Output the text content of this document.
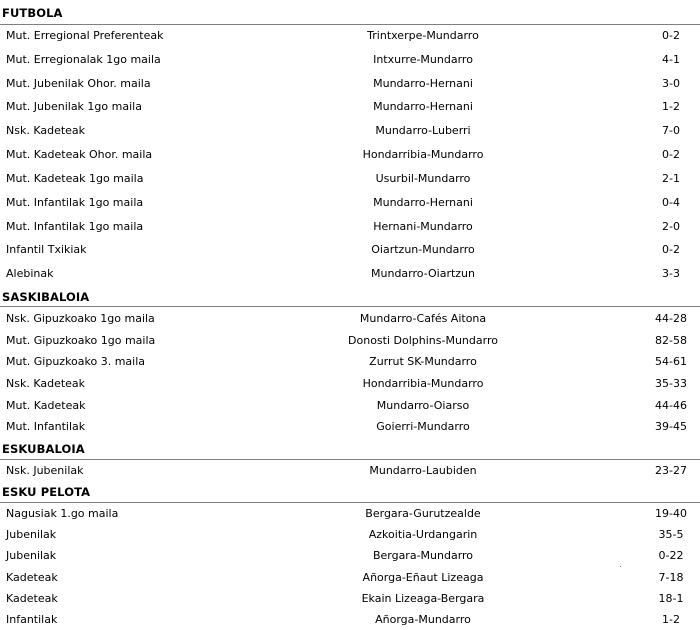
FUTBOLA
Mut. Erregional Preferenteak	Trintxerpe-Mundarro	0-2
Mut. Erregionalak 1go maila	Intxurre-Mundarro	4-1
Mut. Jubenilak Ohor. maila	Mundarro-Hernani	3-0
Mut. Jubenilak 1go maila	Mundarro-Hernani	1-2
Nsk. Kadeteak	Mundarro-Luberri	7-0
Mut. Kadeteak Ohor. maila	Hondarribia-Mundarro	0-2
Mut. Kadeteak 1go maila	Usurbil-Mundarro	2-1
Mut. Infantilak 1go maila	Mundarro-Hernani	0-4
Mut. Infantilak 1go maila	Hernani-Mundarro	2-0
Infantil Txikiak	Oiartzun-Mundarro	0-2
Alebinak	Mundarro-Oiartzun	3-3
SASKIBALOIA
Nsk. Gipuzkoako 1go maila	Mundarro-Cafés Aitona	44-28
Mut. Gipuzkoako 1go maila	Donosti Dolphins-Mundarro	82-58
Mut. Gipuzkoako 3. maila	Zurrut SK-Mundarro	54-61
Nsk. Kadeteak	Hondarribia-Mundarro	35-33
Mut. Kadeteak	Mundarro-Oiarso	44-46
Mut. Infantilak	Goierri-Mundarro	39-45
ESKUBALOIA
Nsk. Jubenilak	Mundarro-Laubiden	23-27
ESKU PELOTA
Nagusiak 1.go maila	Bergara-Gurutzealde	19-40
Jubenilak	Azkoitia-Urdangarin	35-5
Jubenilak	Bergara-Mundarro	0-22
Kadeteak	Añorga-Eñaut Lizeaga	7-18
Kadeteak	Ekain Lizeaga-Bergara	18-1
Infantilak	Añorga-Mundarro	1-2
